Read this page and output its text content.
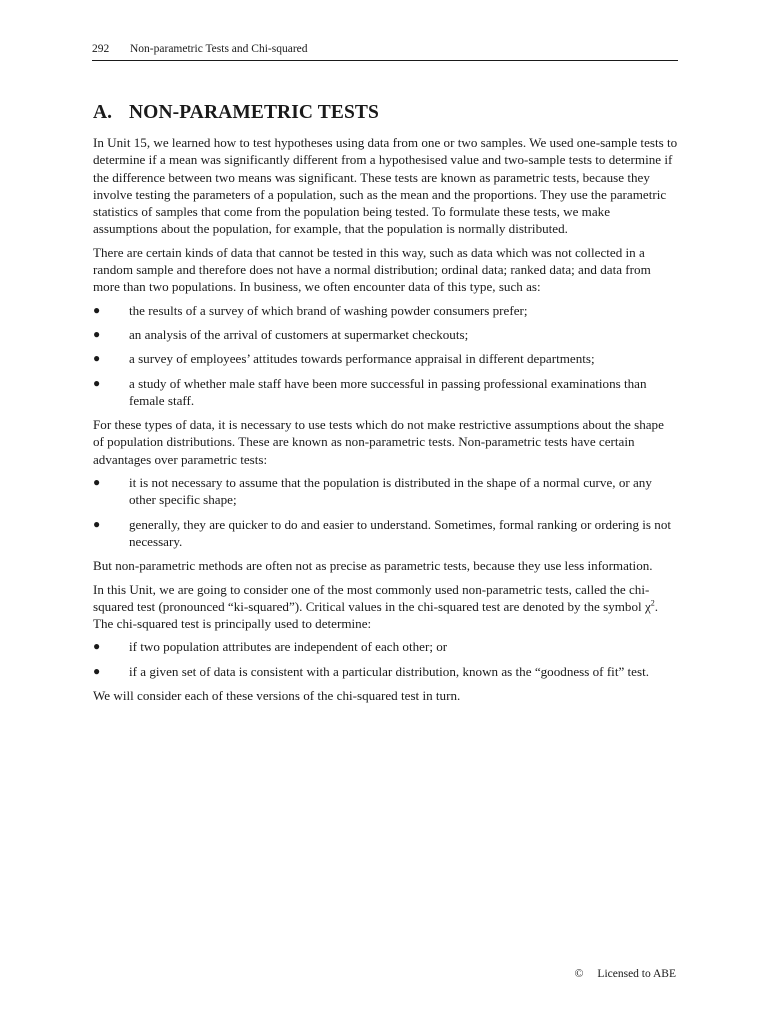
292 Non-parametric Tests and Chi-squared
A. NON-PARAMETRIC TESTS

In Unit 15, we learned how to test hypotheses using data from one or two samples. We used one-sample tests to determine if a mean was significantly different from a hypothesised value and two-sample tests to determine if the difference between two means was significant. These tests are known as parametric tests, because they involve testing the parameters of a population, such as the mean and the proportions. They use the parametric statistics of samples that come from the population being tested. To formulate these tests, we make assumptions about the population, for example, that the population is normally distributed.

There are certain kinds of data that cannot be tested in this way, such as data which was not collected in a random sample and therefore does not have a normal distribution; ordinal data; ranked data; and data from more than two populations. In business, we often encounter data of this type, such as:

● the results of a survey of which brand of washing powder consumers prefer;
● an analysis of the arrival of customers at supermarket checkouts;
● a survey of employees’ attitudes towards performance appraisal in different departments;
● a study of whether male staff have been more successful in passing professional examinations than female staff.

For these types of data, it is necessary to use tests which do not make restrictive assumptions about the shape of population distributions. These are known as non-parametric tests. Non-parametric tests have certain advantages over parametric tests:

● it is not necessary to assume that the population is distributed in the shape of a normal curve, or any other specific shape;
● generally, they are quicker to do and easier to understand. Sometimes, formal ranking or ordering is not necessary.

But non-parametric methods are often not as precise as parametric tests, because they use less information.

In this Unit, we are going to consider one of the most commonly used non-parametric tests, called the chi-squared test (pronounced “ki-squared”). Critical values in the chi-squared test are denoted by the symbol $\chi^2$. The chi-squared test is principally used to determine:

● if two population attributes are independent of each other; or
● if a given set of data is consistent with a particular distribution, known as the “goodness of fit” test.

We will consider each of these versions of the chi-squared test in turn.

© Licensed to ABE
